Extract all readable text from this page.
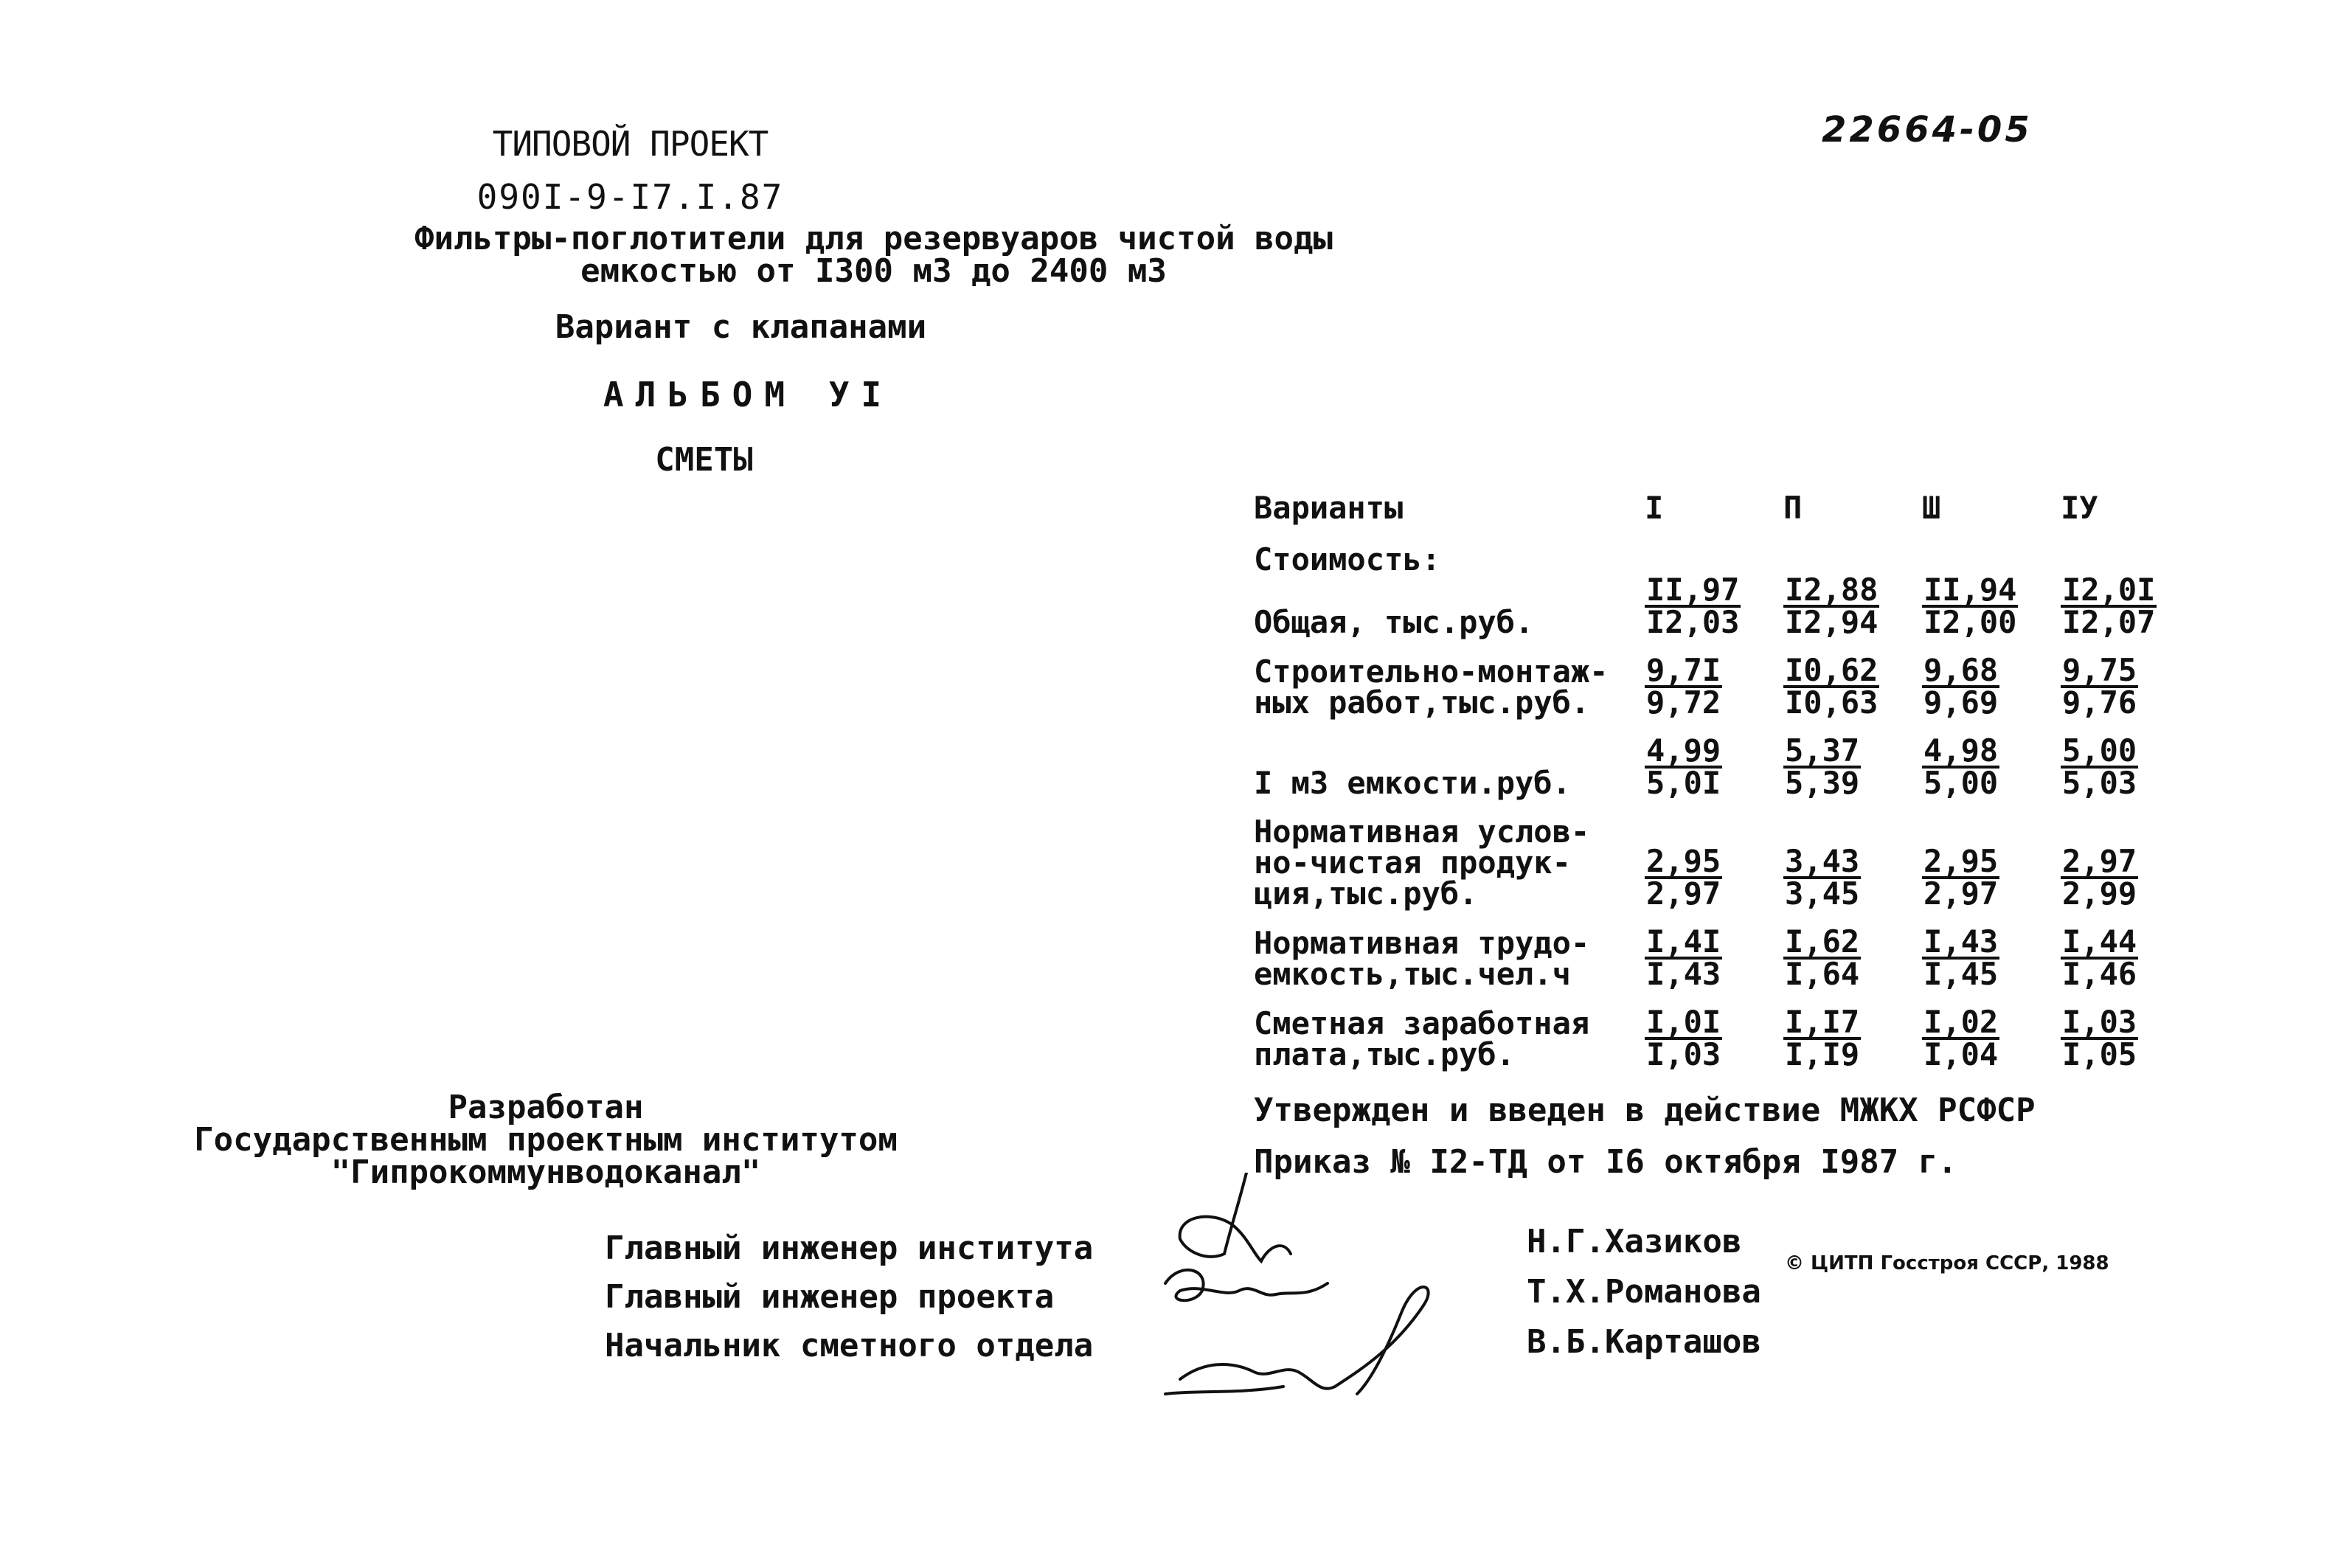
22664-05
ТИПОВОЙ ПРОЕКТ
090I-9-I7.I.87
Фильтры-поглотители для резервуаров чистой воды
емкостью от I300 м3 до 2400 м3
Вариант с клапанами
АЛЬБОМ УI
СМЕТЫ
Варианты	I	П	Ш	IУ
Стоимость:				
Общая, тыс.руб.	$\frac{II,97}{I2,03}$	$\frac{I2,88}{I2,94}$	$\frac{II,94}{I2,00}$	$\frac{I2,0I}{I2,07}$

Строительно-монтаж-
ных работ,тыс.руб.	$\frac{9,7I}{9,72}$	$\frac{I0,62}{I0,63}$	$\frac{9,68}{9,69}$	$\frac{9,75}{9,76}$

I м3 емкости.руб.	$\frac{4,99}{5,0I}$	$\frac{5,37}{5,39}$	$\frac{4,98}{5,00}$	$\frac{5,00}{5,03}$

Нормативная услов-
но-чистая продук-
ция,тыс.руб.	$\frac{2,95}{2,97}$	$\frac{3,43}{3,45}$	$\frac{2,95}{2,97}$	$\frac{2,97}{2,99}$

Нормативная трудо-
емкость,тыс.чел.ч	$\frac{I,4I}{I,43}$	$\frac{I,62}{I,64}$	$\frac{I,43}{I,45}$	$\frac{I,44}{I,46}$

Сметная заработная
плата,тыс.руб.	$\frac{I,0I}{I,03}$	$\frac{I,I7}{I,I9}$	$\frac{I,02}{I,04}$	$\frac{I,03}{I,05}$
Разработан
Государственным проектным институтом
"Гипрокоммунводоканал"
Утвержден и введен в действие МЖКХ РСФСР
Приказ № I2-ТД от I6 октября I987 г.
Главный инженер института
Главный инженер проекта
Начальник сметного отдела
Н.Г.Хазиков
Т.Х.Романова
В.Б.Карташов
© ЦИТП Госстроя СССР, 1988
